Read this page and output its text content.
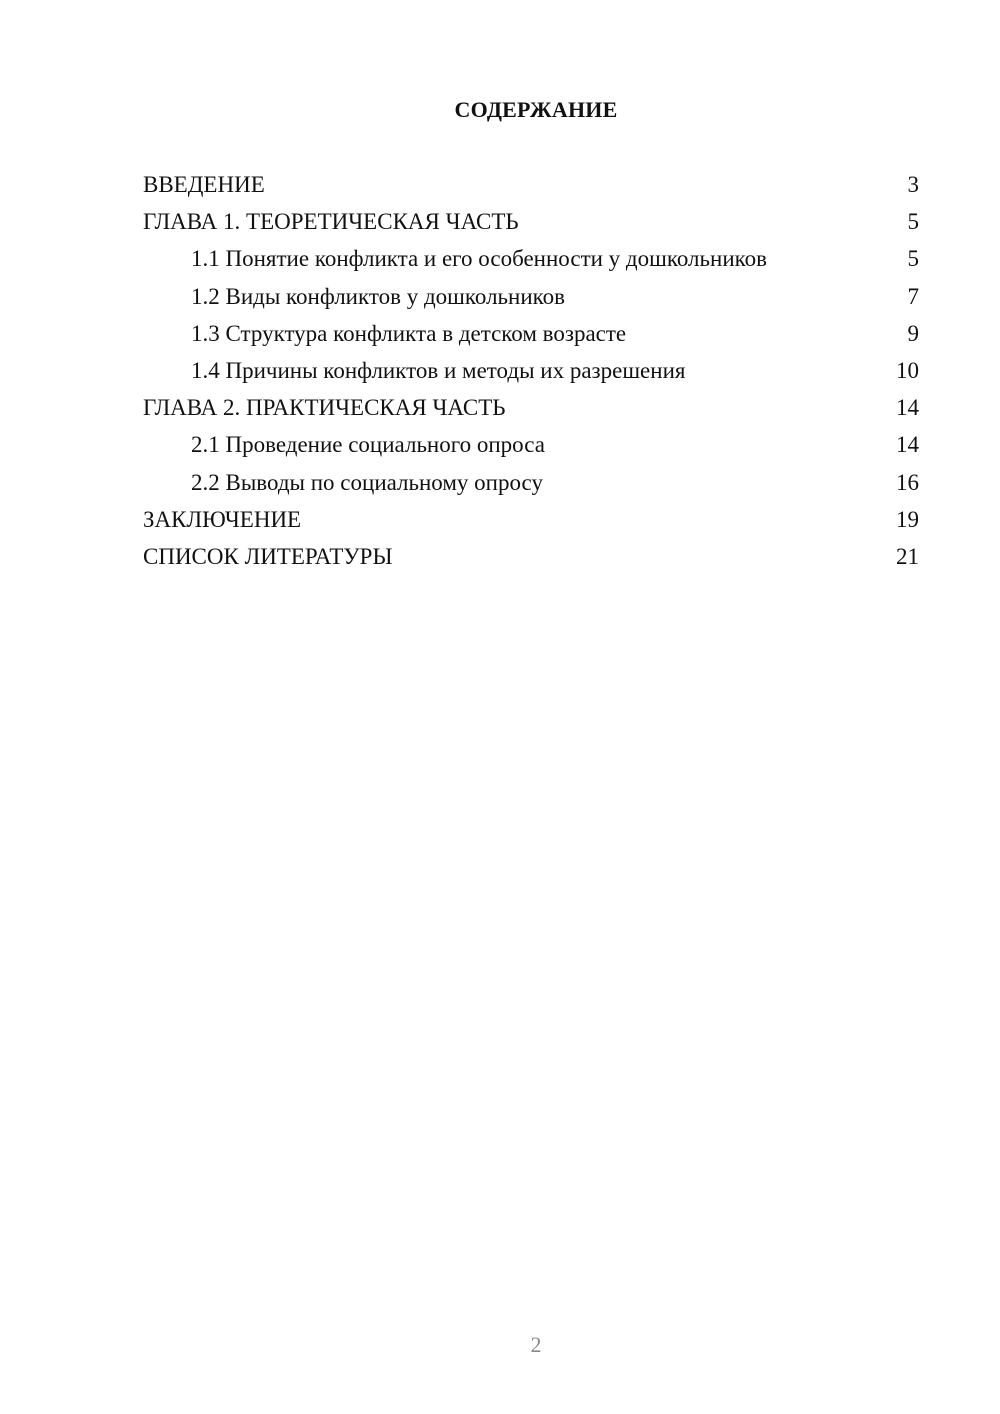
СОДЕРЖАНИЕ
ВВЕДЕНИЕ	3
ГЛАВА 1. ТЕОРЕТИЧЕСКАЯ ЧАСТЬ	5
1.1 Понятие конфликта и его особенности у дошкольников	5
1.2 Виды конфликтов у дошкольников	7
1.3 Структура конфликта в детском возрасте	9
1.4 Причины конфликтов и методы их разрешения	10
ГЛАВА 2. ПРАКТИЧЕСКАЯ ЧАСТЬ	14
2.1 Проведение социального опроса	14
2.2 Выводы по социальному опросу	16
ЗАКЛЮЧЕНИЕ	19
СПИСОК ЛИТЕРАТУРЫ	21
2
